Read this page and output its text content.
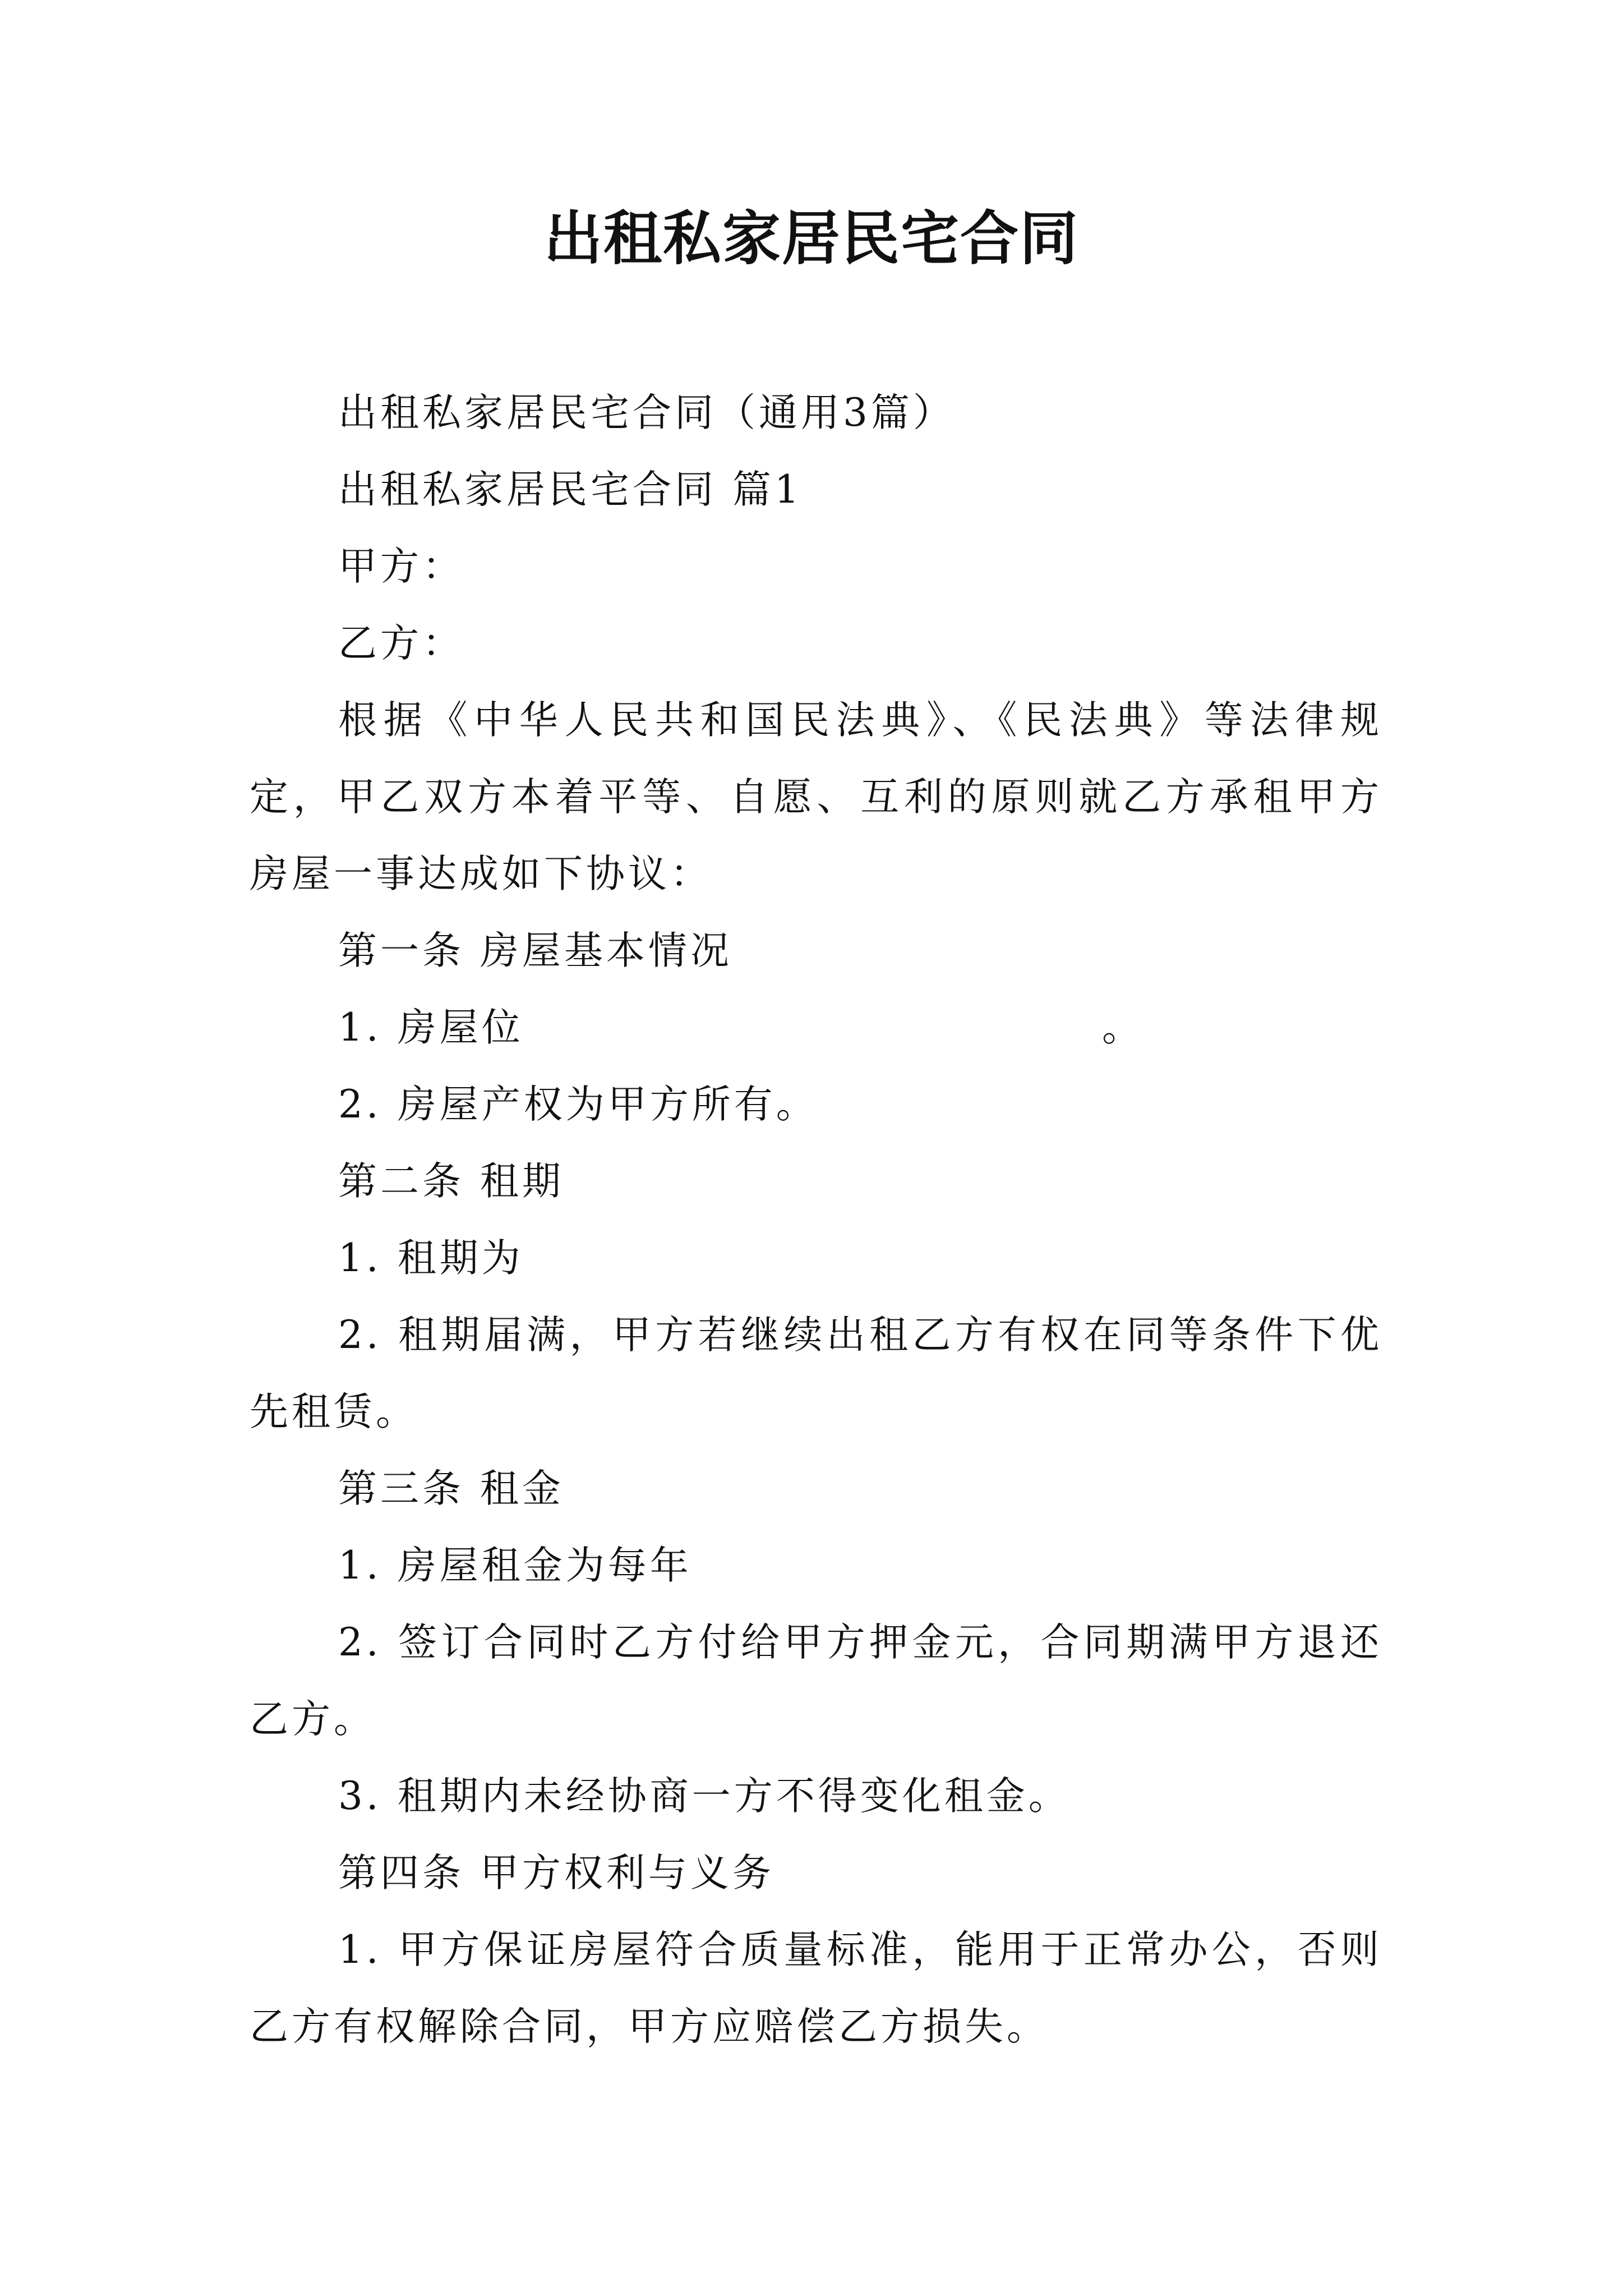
出租私家居民宅合同

出租私家居民宅合同（通用3篇）

出租私家居民宅合同 篇1

甲方：

乙方：

根据《中华人民共和国民法典》、《民法典》等法律规定，甲乙双方本着平等、自愿、互利的原则就乙方承租甲方房屋一事达成如下协议：

第一条 房屋基本情况

1. 房屋位	。

2. 房屋产权为甲方所有。

第二条 租期

1. 租期为

2. 租期届满，甲方若继续出租乙方有权在同等条件下优先租赁。

第三条 租金

1. 房屋租金为每年

2. 签订合同时乙方付给甲方押金元，合同期满甲方退还乙方。

3. 租期内未经协商一方不得变化租金。

第四条 甲方权利与义务

1. 甲方保证房屋符合质量标准，能用于正常办公，否则乙方有权解除合同，甲方应赔偿乙方损失。
